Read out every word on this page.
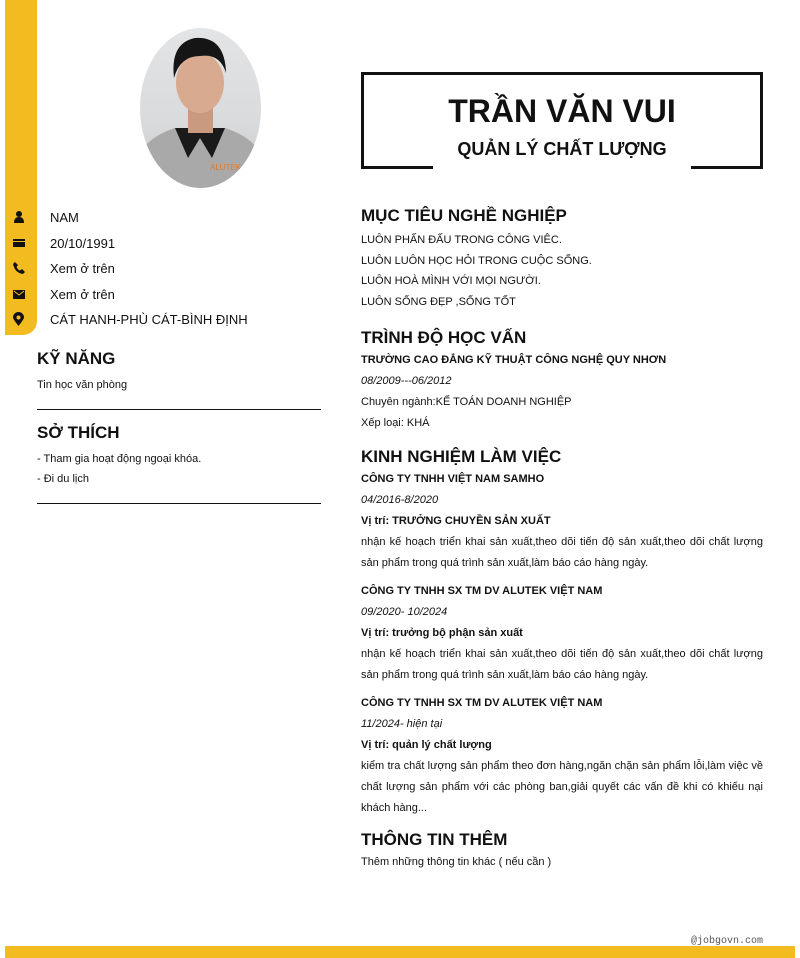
ALUTEK
NAM
20/10/1991
Xem ở trên
Xem ở trên
CÁT HANH-PHÙ CÁT-BÌNH ĐỊNH
KỸ NĂNG
Tin học văn phòng
SỞ THÍCH
- Tham gia hoạt động ngoại khóa.
- Đi du lịch
TRẦN VĂN VUI
QUẢN LÝ CHẤT LƯỢNG
MỤC TIÊU NGHỀ NGHIỆP
LUÔN PHẤN ĐẤU TRONG CÔNG VIÊC.
LUÔN LUÔN HỌC HỎI TRONG CUỘC SỐNG.
LUÔN HOÀ MÌNH VỚI MỌI NGƯỜI.
LUÔN SỐNG ĐẸP ,SỐNG TỐT
TRÌNH ĐỘ HỌC VẤN

TRƯỜNG CAO ĐẲNG KỸ THUẬT CÔNG NGHỆ QUY NHƠN

08/2009---06/2012

Chuyên ngành:KẾ TOÁN DOANH NGHIỆP

Xếp loại: KHÁ

KINH NGHIỆM LÀM VIỆC

CÔNG TY TNHH VIỆT NAM SAMHO

04/2016-8/2020

Vị trí: TRƯỞNG CHUYỀN SẢN XUẤT

nhận kế hoạch triển khai sản xuất,theo dõi tiến độ sản xuất,theo dõi chất lượng sản phẩm trong quá trình sản xuất,làm báo cáo hàng ngày.

CÔNG TY TNHH SX TM DV ALUTEK VIỆT NAM

09/2020- 10/2024

Vị trí: trưởng bộ phận sản xuất

nhận kế hoạch triển khai sản xuất,theo dõi tiến độ sản xuất,theo dõi chất lượng sản phẩm trong quá trình sản xuất,làm báo cáo hàng ngày.

CÔNG TY TNHH SX TM DV ALUTEK VIỆT NAM

11/2024- hiện tại

Vị trí: quản lý chất lượng

kiểm tra chất lượng sản phẩm theo đơn hàng,ngăn chặn sản phẩm lỗi,làm việc về chất lượng sản phẩm với các phòng ban,giải quyết các vấn đề khi có khiếu nại khách hàng...
THÔNG TIN THÊM
Thêm những thông tin khác ( nếu cần )
@jobgovn.com
